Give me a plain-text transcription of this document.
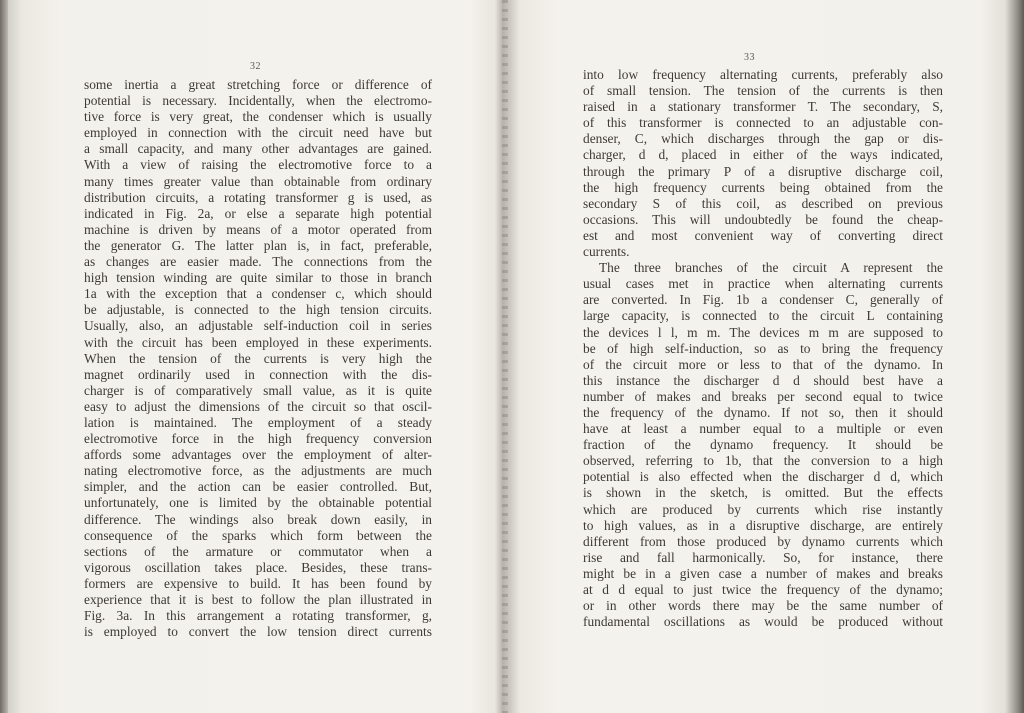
32
some inertia a great stretching force or difference of
potential is necessary. Incidentally, when the electromo-
tive force is very great, the condenser which is usually
employed in connection with the circuit need have but
a small capacity, and many other advantages are gained.
With a view of raising the electromotive force to a
many times greater value than obtainable from ordinary
distribution circuits, a rotating transformer g is used, as
indicated in Fig. 2a, or else a separate high potential
machine is driven by means of a motor operated from
the generator G. The latter plan is, in fact, preferable,
as changes are easier made. The connections from the
high tension winding are quite similar to those in branch
1a with the exception that a condenser c, which should
be adjustable, is connected to the high tension circuits.
Usually, also, an adjustable self-induction coil in series
with the circuit has been employed in these experiments.
When the tension of the currents is very high the
magnet ordinarily used in connection with the dis-
charger is of comparatively small value, as it is quite
easy to adjust the dimensions of the circuit so that oscil-
lation is maintained. The employment of a steady
electromotive force in the high frequency conversion
affords some advantages over the employment of alter-
nating electromotive force, as the adjustments are much
simpler, and the action can be easier controlled. But,
unfortunately, one is limited by the obtainable potential
difference. The windings also break down easily, in
consequence of the sparks which form between the
sections of the armature or commutator when a
vigorous oscillation takes place. Besides, these trans-
formers are expensive to build. It has been found by
experience that it is best to follow the plan illustrated in
Fig. 3a. In this arrangement a rotating transformer, g,
is employed to convert the low tension direct currents
33
into low frequency alternating currents, preferably also
of small tension. The tension of the currents is then
raised in a stationary transformer T. The secondary, S,
of this transformer is connected to an adjustable con-
denser, C, which discharges through the gap or dis-
charger, d d, placed in either of the ways indicated,
through the primary P of a disruptive discharge coil,
the high frequency currents being obtained from the
secondary S of this coil, as described on previous
occasions. This will undoubtedly be found the cheap-
est and most convenient way of converting direct
currents.
The three branches of the circuit A represent the
usual cases met in practice when alternating currents
are converted. In Fig. 1b a condenser C, generally of
large capacity, is connected to the circuit L containing
the devices l l, m m. The devices m m are supposed to
be of high self-induction, so as to bring the frequency
of the circuit more or less to that of the dynamo. In
this instance the discharger d d should best have a
number of makes and breaks per second equal to twice
the frequency of the dynamo. If not so, then it should
have at least a number equal to a multiple or even
fraction of the dynamo frequency. It should be
observed, referring to 1b, that the conversion to a high
potential is also effected when the discharger d d, which
is shown in the sketch, is omitted. But the effects
which are produced by currents which rise instantly
to high values, as in a disruptive discharge, are entirely
different from those produced by dynamo currents which
rise and fall harmonically. So, for instance, there
might be in a given case a number of makes and breaks
at d d equal to just twice the frequency of the dynamo;
or in other words there may be the same number of
fundamental oscillations as would be produced without
